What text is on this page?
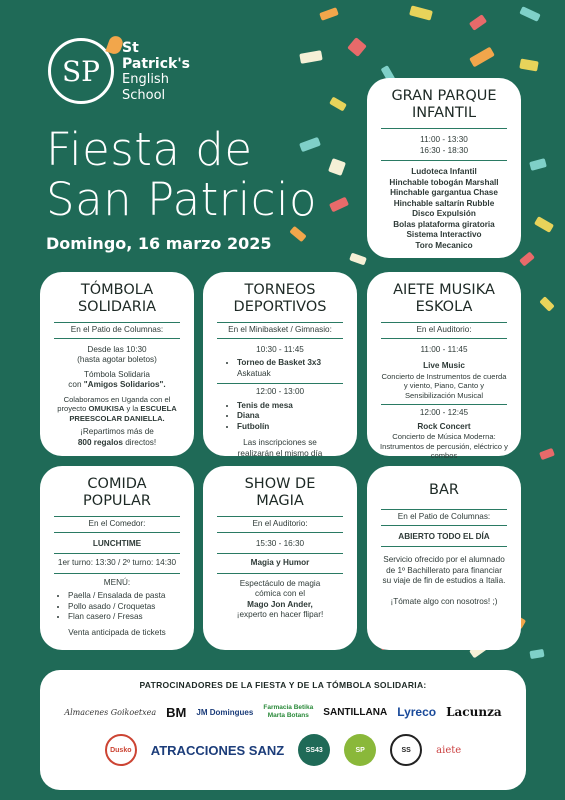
SP
St
Patrick's
English
School
Fiesta de
San Patricio
Domingo, 16 marzo 2025
GRAN PARQUE
INFANTIL
11:00 - 13:30
16:30 - 18:30
Ludoteca Infantil
Hinchable tobogán Marshall
Hinchable gargantua Chase
Hinchable saltarín Rubble
Disco Expulsión
Bolas plataforma giratoria
Sistema Interactivo
Toro Mecanico
TÓMBOLA
SOLIDARIA
En el Patio de Columnas:

Desde las 10:30
(hasta agotar boletos)

Tómbola Solidaria
con "Amigos Solidarios".

Colaboramos en Uganda con el
proyecto OMUKISA y la ESCUELA
PREESCOLAR DANIELLA.

¡Repartimos más de
800 regalos directos!

TORNEOS
DEPORTIVOS
En el Minibasket / Gimnasio:
10:30 - 11:45
• Torneo de Basket 3x3
Askatuak
12:00 - 13:00
• Tenis de mesa
• Diana
• Futbolín

Las inscripciones se
realizarán el mismo día

AIETE MUSIKA
ESKOLA
En el Auditorio:
11:00 - 11:45
Live Music
Concierto de Instrumentos de cuerda y viento, Piano, Canto y Sensibilización Musical
12:00 - 12:45
Rock Concert
Concierto de Música Moderna: Instrumentos de percusión, eléctrico y combos
COMIDA
POPULAR
En el Comedor:

LUNCHTIME

1er turno: 13:30 / 2º turno: 14:30
MENÚ:
• Paella / Ensalada de pasta
• Pollo asado / Croquetas
• Flan casero / Fresas

Venta anticipada de tickets

SHOW DE
MAGIA
En el Auditorio:

15:30 - 16:30

Magia y Humor
Espectáculo de magia
cómica con el
Mago Jon Ander,
¡experto en hacer flipar!
BAR
En el Patio de Columnas:

ABIERTO TODO EL DÍA

Servicio ofrecido por el alumnado de 1º Bachillerato para financiar su viaje de fin de estudios a Italia.

¡Tómate algo con nosotros! ;)

PATROCINADORES DE LA FIESTA Y DE LA TÓMBOLA SOLIDARIA:
Almacenes Goikoetxea BM JM Domingues Farmacia Betika Marta Botans	SANTILLANA Lyreco Lacunza
Dusko	ATRACCIONES SANZ	SS43	SP	SS	aiete
